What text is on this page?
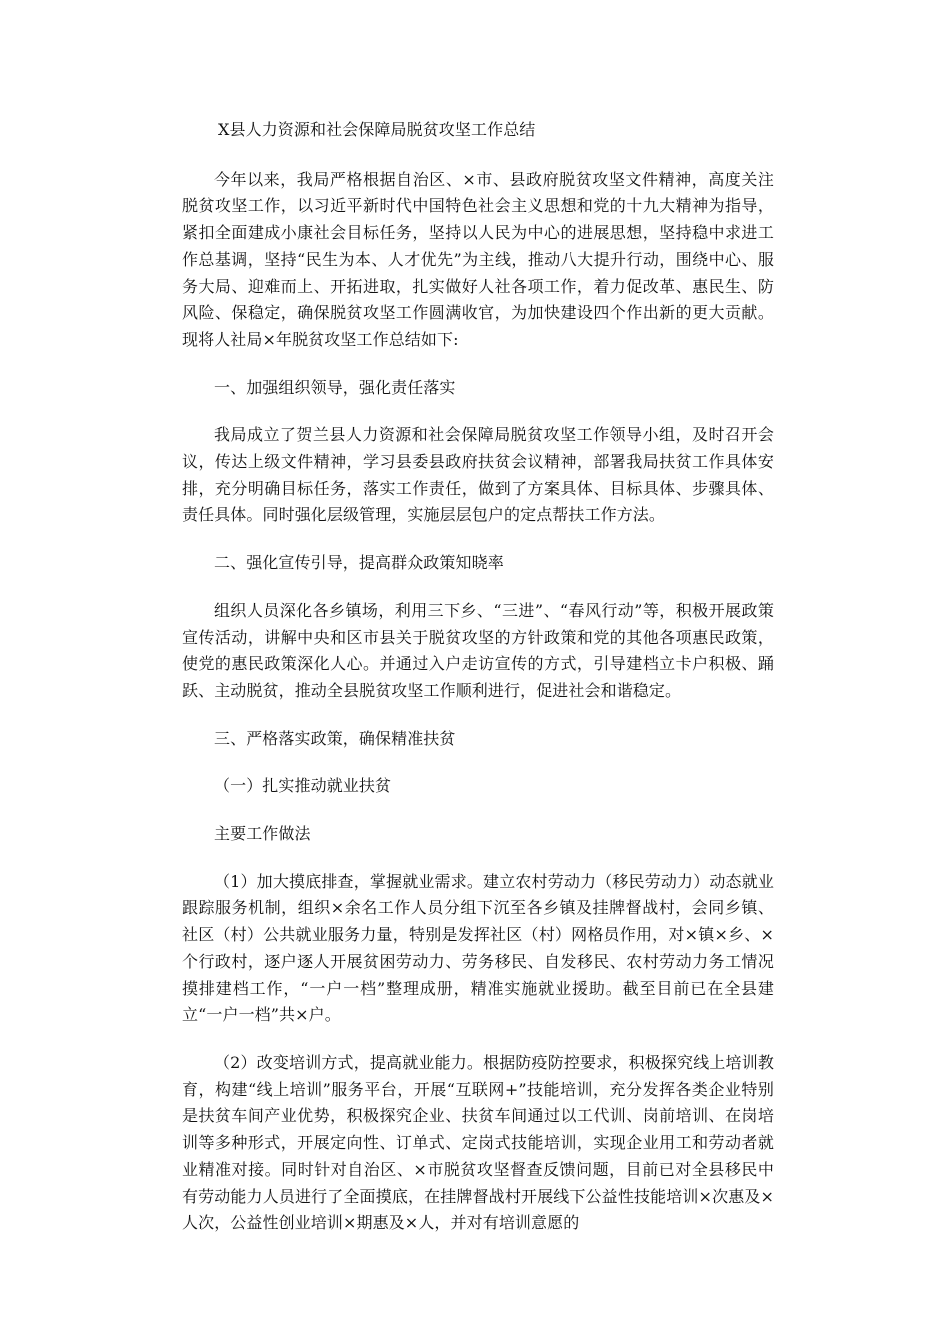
X县人力资源和社会保障局脱贫攻坚工作总结

今年以来，我局严格根据自治区、×市、县政府脱贫攻坚文件精神，高度关注脱贫攻坚工作，以习近平新时代中国特色社会主义思想和党的十九大精神为指导，紧扣全面建成小康社会目标任务，坚持以人民为中心的进展思想，坚持稳中求进工作总基调，坚持“民生为本、人才优先”为主线，推动八大提升行动，围绕中心、服务大局、迎难而上、开拓进取，扎实做好人社各项工作，着力促改革、惠民生、防风险、保稳定，确保脱贫攻坚工作圆满收官，为加快建设四个作出新的更大贡献。现将人社局×年脱贫攻坚工作总结如下:

一、加强组织领导，强化责任落实

我局成立了贺兰县人力资源和社会保障局脱贫攻坚工作领导小组，及时召开会议，传达上级文件精神，学习县委县政府扶贫会议精神，部署我局扶贫工作具体安排，充分明确目标任务，落实工作责任，做到了方案具体、目标具体、步骤具体、责任具体。同时强化层级管理，实施层层包户的定点帮扶工作方法。

二、强化宣传引导，提高群众政策知晓率

组织人员深化各乡镇场，利用三下乡、“三进”、“春风行动”等，积极开展政策宣传活动，讲解中央和区市县关于脱贫攻坚的方针政策和党的其他各项惠民政策，使党的惠民政策深化人心。并通过入户走访宣传的方式，引导建档立卡户积极、踊跃、主动脱贫，推动全县脱贫攻坚工作顺利进行，促进社会和谐稳定。

三、严格落实政策，确保精准扶贫

（一）扎实推动就业扶贫

主要工作做法

（1）加大摸底排查，掌握就业需求。建立农村劳动力（移民劳动力）动态就业跟踪服务机制，组织×余名工作人员分组下沉至各乡镇及挂牌督战村，会同乡镇、社区（村）公共就业服务力量，特别是发挥社区（村）网格员作用，对×镇×乡、×个行政村，逐户逐人开展贫困劳动力、劳务移民、自发移民、农村劳动力务工情况摸排建档工作，“一户一档”整理成册，精准实施就业援助。截至目前已在全县建立“一户一档”共×户。

（2）改变培训方式，提高就业能力。根据防疫防控要求，积极探究线上培训教育，构建“线上培训”服务平台，开展“互联网+”技能培训，充分发挥各类企业特别是扶贫车间产业优势，积极探究企业、扶贫车间通过以工代训、岗前培训、在岗培训等多种形式，开展定向性、订单式、定岗式技能培训，实现企业用工和劳动者就业精准对接。同时针对自治区、×市脱贫攻坚督查反馈问题，目前已对全县移民中有劳动能力人员进行了全面摸底，在挂牌督战村开展线下公益性技能培训×次惠及×人次，公益性创业培训×期惠及×人，并对有培训意愿的
